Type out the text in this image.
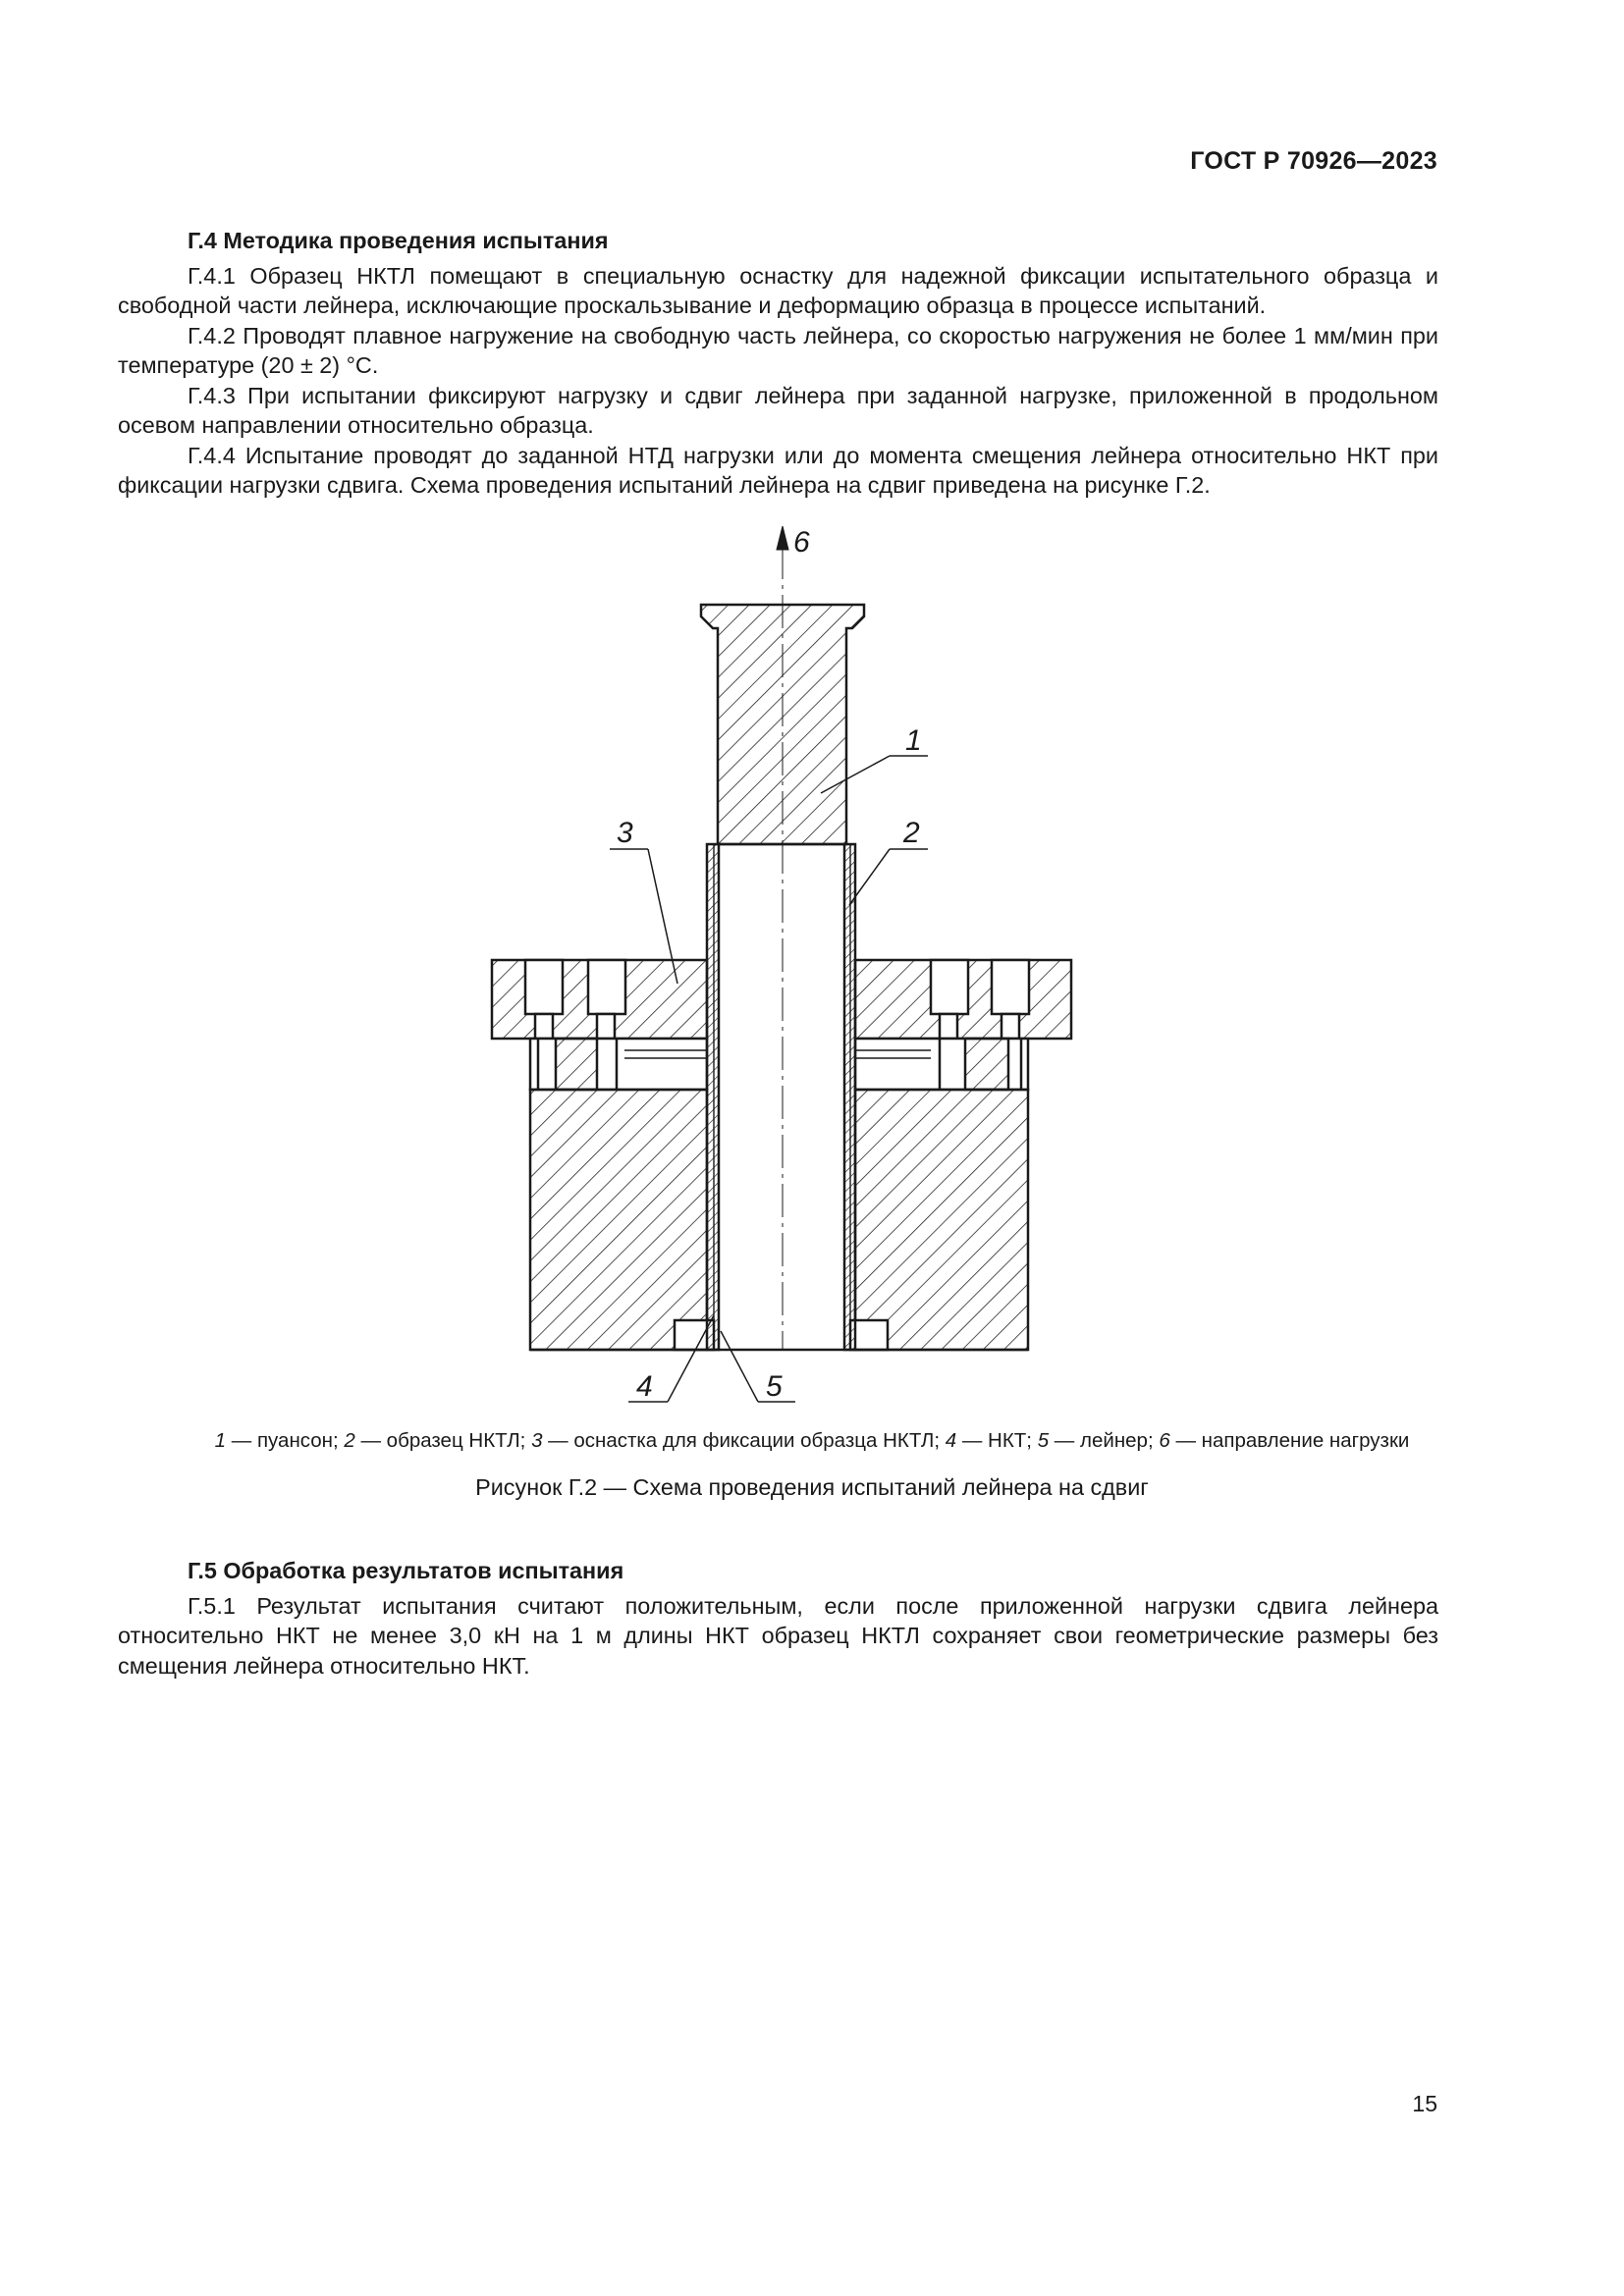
ГОСТ Р 70926—2023

Г.4 Методика проведения испытания

Г.4.1 Образец НКТЛ помещают в специальную оснастку для надежной фиксации испытательного образца и свободной части лейнера, исключающие проскальзывание и деформацию образца в процессе испытаний.

Г.4.2 Проводят плавное нагружение на свободную часть лейнера, со скоростью нагружения не более 1 мм/мин при температуре (20 ± 2) °С.

Г.4.3 При испытании фиксируют нагрузку и сдвиг лейнера при заданной нагрузке, приложенной в продольном осевом направлении относительно образца.

Г.4.4 Испытание проводят до заданной НТД нагрузки или до момента смещения лейнера относительно НКТ при фиксации нагрузки сдвига. Схема проведения испытаний лейнера на сдвиг приведена на рисунке Г.2.

1
2
3
4	5
6
1 — пуансон; 2 — образец НКТЛ; 3 — оснастка для фиксации образца НКТЛ; 4 — НКТ; 5 — лейнер; 6 — направление нагрузки
Рисунок Г.2 — Схема проведения испытаний лейнера на сдвиг

Г.5 Обработка результатов испытания

Г.5.1 Результат испытания считают положительным, если после приложенной нагрузки сдвига лейнера относительно НКТ не менее 3,0 кН на 1 м длины НКТ образец НКТЛ сохраняет свои геометрические размеры без смещения лейнера относительно НКТ.

15
